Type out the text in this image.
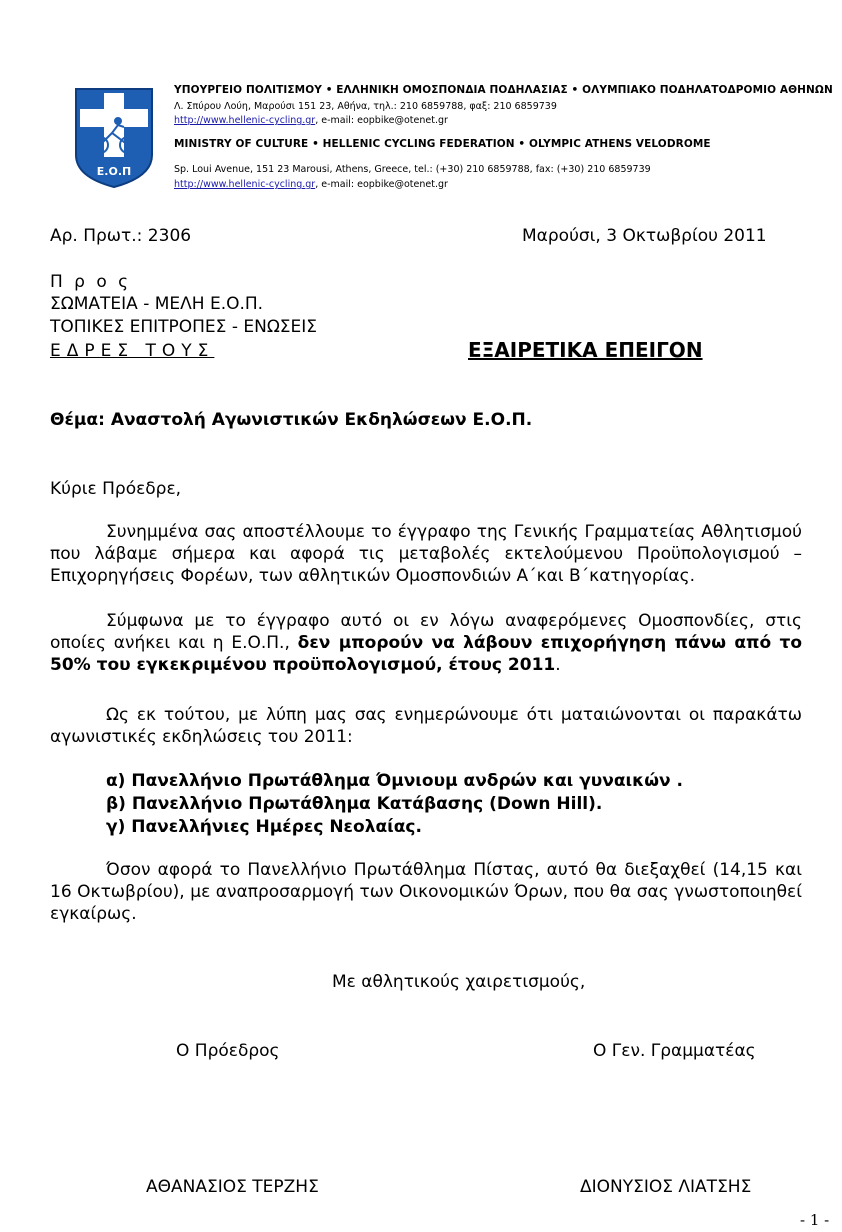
Ε.Ο.Π
ΥΠΟΥΡΓΕΙΟ ΠΟΛΙΤΙΣΜΟΥ • ΕΛΛΗΝΙΚΗ ΟΜΟΣΠΟΝΔΙΑ ΠΟΔΗΛΑΣΙΑΣ • ΟΛΥΜΠΙΑΚΟ ΠΟΔΗΛΑΤΟΔΡΟΜΙΟ ΑΘΗΝΩΝ
Λ. Σπύρου Λούη, Μαρούσι 151 23, Αθήνα, τηλ.: 210 6859788, φαξ: 210 6859739
http://www.hellenic-cycling.gr, e-mail: eopbike@otenet.gr
MINISTRY OF CULTURE • HELLENIC CYCLING FEDERATION • OLYMPIC ATHENS VELODROME
Sp. Loui Avenue, 151 23 Marousi, Athens, Greece, tel.: (+30) 210 6859788, fax: (+30) 210 6859739
http://www.hellenic-cycling.gr, e-mail: eopbike@otenet.gr
Αρ. Πρωτ.: 2306	Μαρούσι, 3 Οκτωβρίου 2011
Π ρ ο ς
ΣΩΜΑΤΕΙΑ - ΜΕΛΗ Ε.Ο.Π.
ΤΟΠΙΚΕΣ ΕΠΙΤΡΟΠΕΣ - ΕΝΩΣΕΙΣ
ΕΔΡΕΣ ΤΟΥΣ	ΕΞΑΙΡΕΤΙΚΑ ΕΠΕΙΓΟΝ
Θέμα: Αναστολή Αγωνιστικών Εκδηλώσεων Ε.Ο.Π.
Κύριε Πρόεδρε,
Συνημμένα σας αποστέλλουμε το έγγραφο της Γενικής Γραμματείας Αθλητισμού που λάβαμε σήμερα και αφορά τις μεταβολές εκτελούμενου Προϋπολογισμού – Επιχορηγήσεις Φορέων, των αθλητικών Ομοσπονδιών Α΄και Β΄κατηγορίας.
Σύμφωνα με το έγγραφο αυτό οι εν λόγω αναφερόμενες Ομοσπονδίες, στις οποίες ανήκει και η Ε.Ο.Π., δεν μπορούν να λάβουν επιχορήγηση πάνω από το 50% του εγκεκριμένου προϋπολογισμού, έτους 2011.
Ως εκ τούτου, με λύπη μας σας ενημερώνουμε ότι ματαιώνονται οι παρακάτω αγωνιστικές εκδηλώσεις του 2011:
α) Πανελλήνιο Πρωτάθλημα Όμνιουμ ανδρών και γυναικών .
β) Πανελλήνιο Πρωτάθλημα Κατάβασης (Down Hill).
γ) Πανελλήνιες Ημέρες Νεολαίας.
Όσον αφορά το Πανελλήνιο Πρωτάθλημα Πίστας, αυτό θα διεξαχθεί (14,15 και 16 Οκτωβρίου), με αναπροσαρμογή των Οικονομικών Όρων, που θα σας γνωστοποιηθεί εγκαίρως.
Με αθλητικούς χαιρετισμούς,
Ο Πρόεδρος	Ο Γεν. Γραμματέας
ΑΘΑΝΑΣΙΟΣ ΤΕΡΖΗΣ	ΔΙΟΝΥΣΙΟΣ ΛΙΑΤΣΗΣ
- 1 -
